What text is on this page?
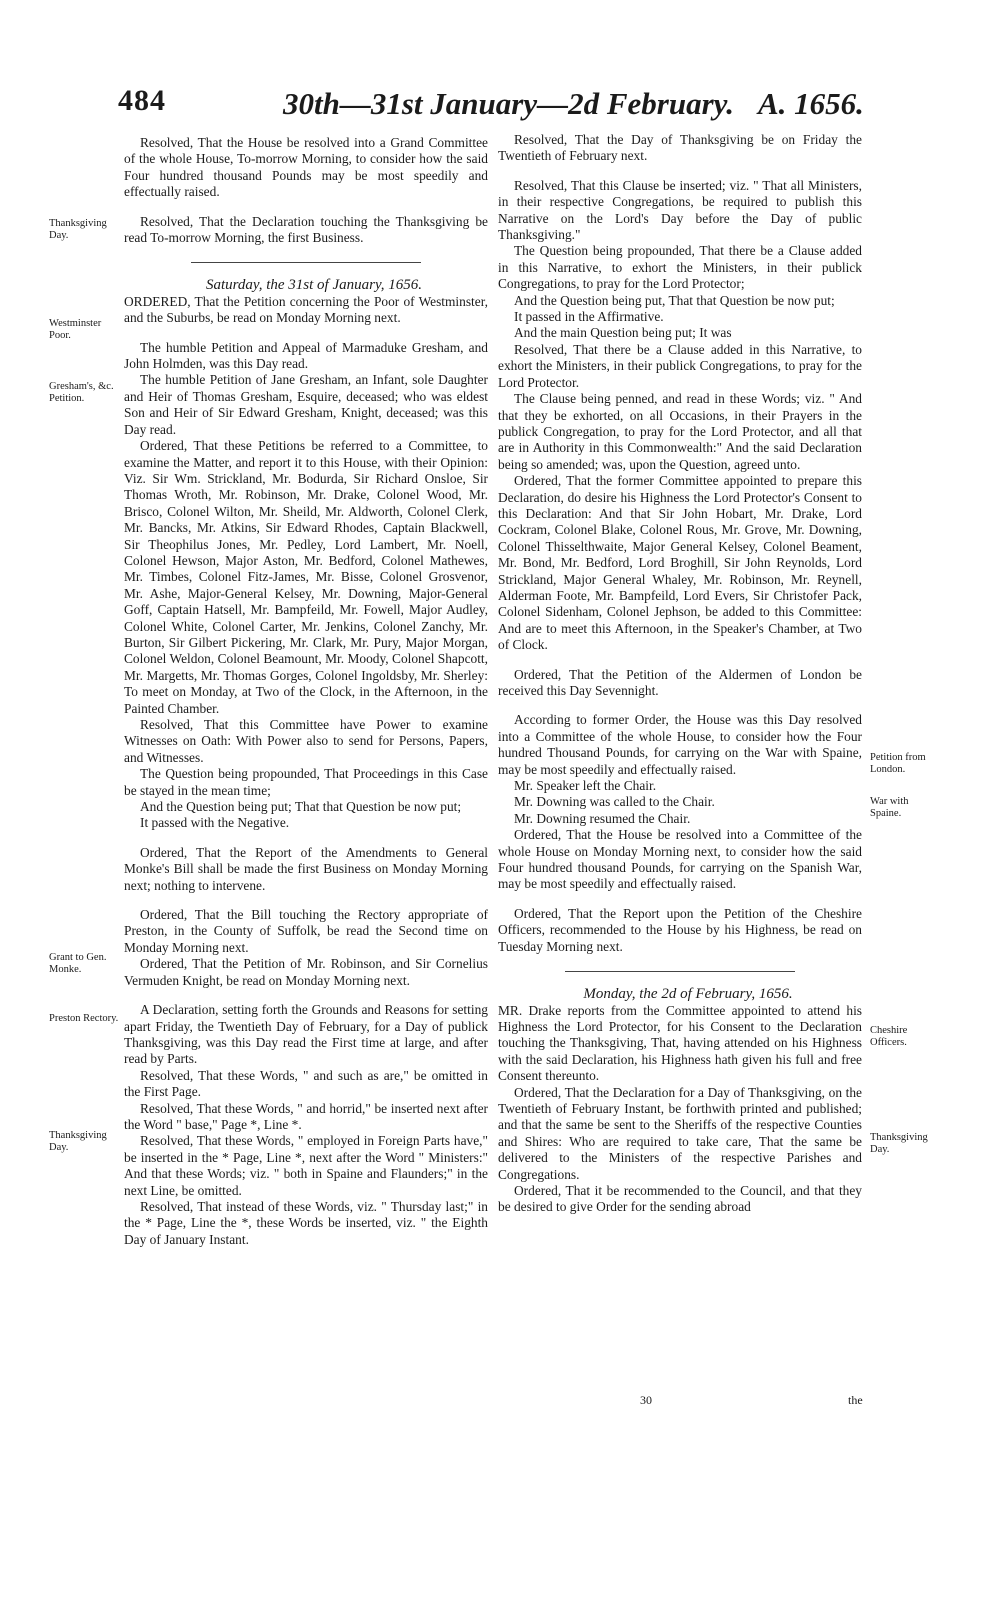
484	30th—31st January—2d February. A. 1656.

Resolved, That the House be resolved into a Grand Committee of the whole House, To-morrow Morning, to consider how the said Four hundred thousand Pounds may be most speedily and effectually raised.

Resolved, That the Declaration touching the Thanksgiving be read To-morrow Morning, the first Business.

Saturday, the 31st of January, 1656.

ORDERED, That the Petition concerning the Poor of Westminster, and the Suburbs, be read on Monday Morning next.

The humble Petition and Appeal of Marmaduke Gresham, and John Holmden, was this Day read.

The humble Petition of Jane Gresham, an Infant, sole Daughter and Heir of Thomas Gresham, Esquire, deceased; who was eldest Son and Heir of Sir Edward Gresham, Knight, deceased; was this Day read.

Ordered, That these Petitions be referred to a Committee, to examine the Matter, and report it to this House, with their Opinion: Viz. Sir Wm. Strickland, Mr. Bodurda, Sir Richard Onsloe, Sir Thomas Wroth, Mr. Robinson, Mr. Drake, Colonel Wood, Mr. Brisco, Colonel Wilton, Mr. Sheild, Mr. Aldworth, Colonel Clerk, Mr. Bancks, Mr. Atkins, Sir Edward Rhodes, Captain Blackwell, Sir Theophilus Jones, Mr. Pedley, Lord Lambert, Mr. Noell, Colonel Hewson, Major Aston, Mr. Bedford, Colonel Mathewes, Mr. Timbes, Colonel Fitz-James, Mr. Bisse, Colonel Grosvenor, Mr. Ashe, Major-General Kelsey, Mr. Downing, Major-General Goff, Captain Hatsell, Mr. Bampfeild, Mr. Fowell, Major Audley, Colonel White, Colonel Carter, Mr. Jenkins, Colonel Zanchy, Mr. Burton, Sir Gilbert Pickering, Mr. Clark, Mr. Pury, Major Morgan, Colonel Weldon, Colonel Beamount, Mr. Moody, Colonel Shapcott, Mr. Margetts, Mr. Thomas Gorges, Colonel Ingoldsby, Mr. Sherley: To meet on Monday, at Two of the Clock, in the Afternoon, in the Painted Chamber.

Resolved, That this Committee have Power to examine Witnesses on Oath: With Power also to send for Persons, Papers, and Witnesses.

The Question being propounded, That Proceedings in this Case be stayed in the mean time;

And the Question being put; That that Question be now put;

It passed with the Negative.

Ordered, That the Report of the Amendments to General Monke's Bill shall be made the first Business on Monday Morning next; nothing to intervene.

Ordered, That the Bill touching the Rectory appropriate of Preston, in the County of Suffolk, be read the Second time on Monday Morning next.

Ordered, That the Petition of Mr. Robinson, and Sir Cornelius Vermuden Knight, be read on Monday Morning next.

A Declaration, setting forth the Grounds and Reasons for setting apart Friday, the Twentieth Day of February, for a Day of publick Thanksgiving, was this Day read the First time at large, and after read by Parts.

Resolved, That these Words, " and such as are," be omitted in the First Page.

Resolved, That these Words, " and horrid," be inserted next after the Word " base," Page *, Line *.

Resolved, That these Words, " employed in Foreign Parts have," be inserted in the * Page, Line *, next after the Word " Ministers:" And that these Words; viz. " both in Spaine and Flaunders;" in the next Line, be omitted.

Resolved, That instead of these Words, viz. " Thursday last;" in the * Page, Line the *, these Words be inserted, viz. " the Eighth Day of January Instant.

Resolved, That the Day of Thanksgiving be on Friday the Twentieth of February next.

Resolved, That this Clause be inserted; viz. " That all Ministers, in their respective Congregations, be required to publish this Narrative on the Lord's Day before the Day of public Thanksgiving."

The Question being propounded, That there be a Clause added in this Narrative, to exhort the Ministers, in their publick Congregations, to pray for the Lord Protector;

And the Question being put, That that Question be now put;

It passed in the Affirmative.

And the main Question being put; It was

Resolved, That there be a Clause added in this Narrative, to exhort the Ministers, in their publick Congregations, to pray for the Lord Protector.

The Clause being penned, and read in these Words; viz. " And that they be exhorted, on all Occasions, in their Prayers in the publick Congregation, to pray for the Lord Protector, and all that are in Authority in this Commonwealth:" And the said Declaration being so amended; was, upon the Question, agreed unto.

Ordered, That the former Committee appointed to prepare this Declaration, do desire his Highness the Lord Protector's Consent to this Declaration: And that Sir John Hobart, Mr. Drake, Lord Cockram, Colonel Blake, Colonel Rous, Mr. Grove, Mr. Downing, Colonel Thisselthwaite, Major General Kelsey, Colonel Beament, Mr. Bond, Mr. Bedford, Lord Broghill, Sir John Reynolds, Lord Strickland, Major General Whaley, Mr. Robinson, Mr. Reynell, Alderman Foote, Mr. Bampfeild, Lord Evers, Sir Christofer Pack, Colonel Sidenham, Colonel Jephson, be added to this Committee: And are to meet this Afternoon, in the Speaker's Chamber, at Two of Clock.

Ordered, That the Petition of the Aldermen of London be received this Day Sevennight.

According to former Order, the House was this Day resolved into a Committee of the whole House, to consider how the Four hundred Thousand Pounds, for carrying on the War with Spaine, may be most speedily and effectually raised.

Mr. Speaker left the Chair.

Mr. Downing was called to the Chair.

Mr. Downing resumed the Chair.

Ordered, That the House be resolved into a Committee of the whole House on Monday Morning next, to consider how the said Four hundred thousand Pounds, for carrying on the Spanish War, may be most speedily and effectually raised.

Ordered, That the Report upon the Petition of the Cheshire Officers, recommended to the House by his Highness, be read on Tuesday Morning next.

Monday, the 2d of February, 1656.

MR. Drake reports from the Committee appointed to attend his Highness the Lord Protector, for his Consent to the Declaration touching the Thanksgiving, That, having attended on his Highness with the said Declaration, his Highness hath given his full and free Consent thereunto.

Ordered, That the Declaration for a Day of Thanksgiving, on the Twentieth of February Instant, be forthwith printed and published; and that the same be sent to the Sheriffs of the respective Counties and Shires: Who are required to take care, That the same be delivered to the Ministers of the respective Parishes and Congregations.

Ordered, That it be recommended to the Council, and that they be desired to give Order for the sending abroad

Thanksgiving Day.
Westminster Poor.
Gresham's, &c. Petition.
Grant to Gen. Monke.
Preston Rectory.
Thanksgiving Day.
Petition from London.
War with Spaine.
Cheshire Officers.
Thanksgiving Day.
30	the
